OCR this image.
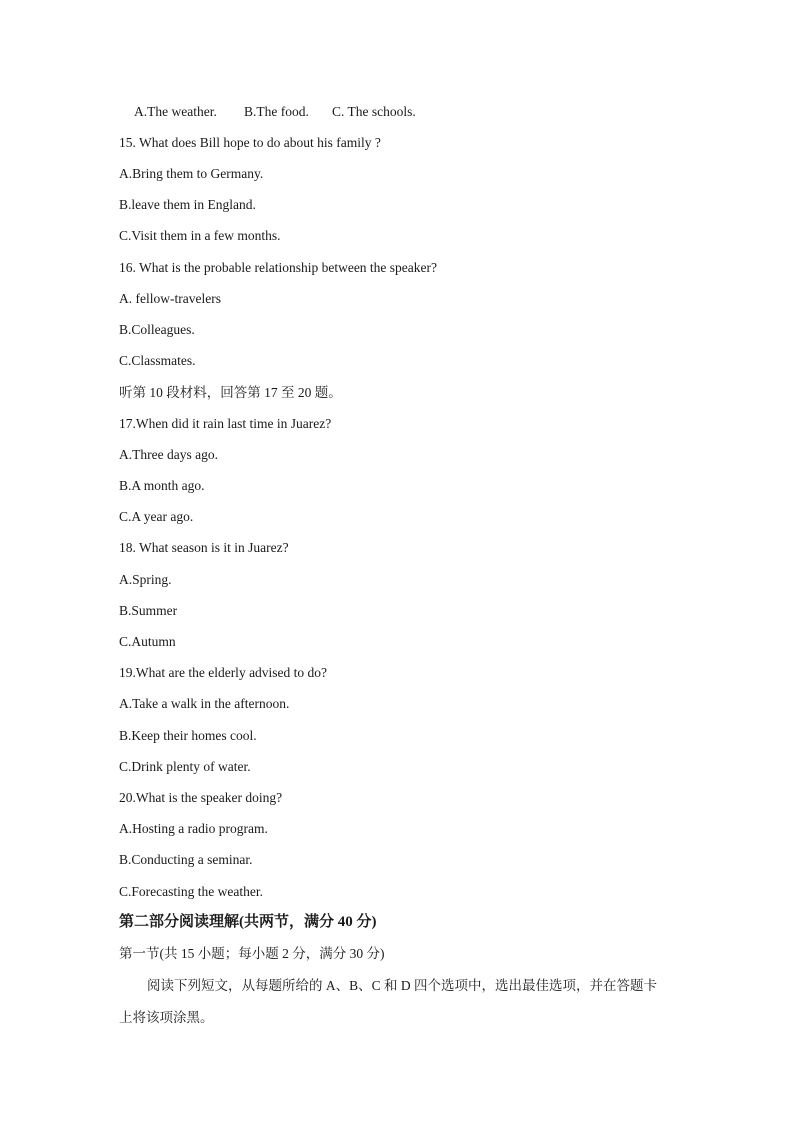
A.The weather. B.The food. C. The schools.
15. What does Bill hope to do about his family ?
A.Bring them to Germany.
B.leave them in England.
C.Visit them in a few months.
16. What is the probable relationship between the speaker?
A. fellow-travelers
B.Colleagues.
C.Classmates.
听第 10 段材料，回答第 17 至 20 题。
17.When did it rain last time in Juarez?
A.Three days ago.
B.A month ago.
C.A year ago.
18. What season is it in Juarez?
A.Spring.
B.Summer
C.Autumn
19.What are the elderly advised to do?
A.Take a walk in the afternoon.
B.Keep their homes cool.
C.Drink plenty of water.
20.What is the speaker doing?
A.Hosting a radio program.
B.Conducting a seminar.
C.Forecasting the weather.
第二部分阅读理解(共两节，满分 40 分)
第一节(共 15 小题；每小题 2 分，满分 30 分)
阅读下列短文，从每题所给的 A、B、C 和 D 四个选项中，选出最佳选项，并在答题卡
上将该项涂黑。
